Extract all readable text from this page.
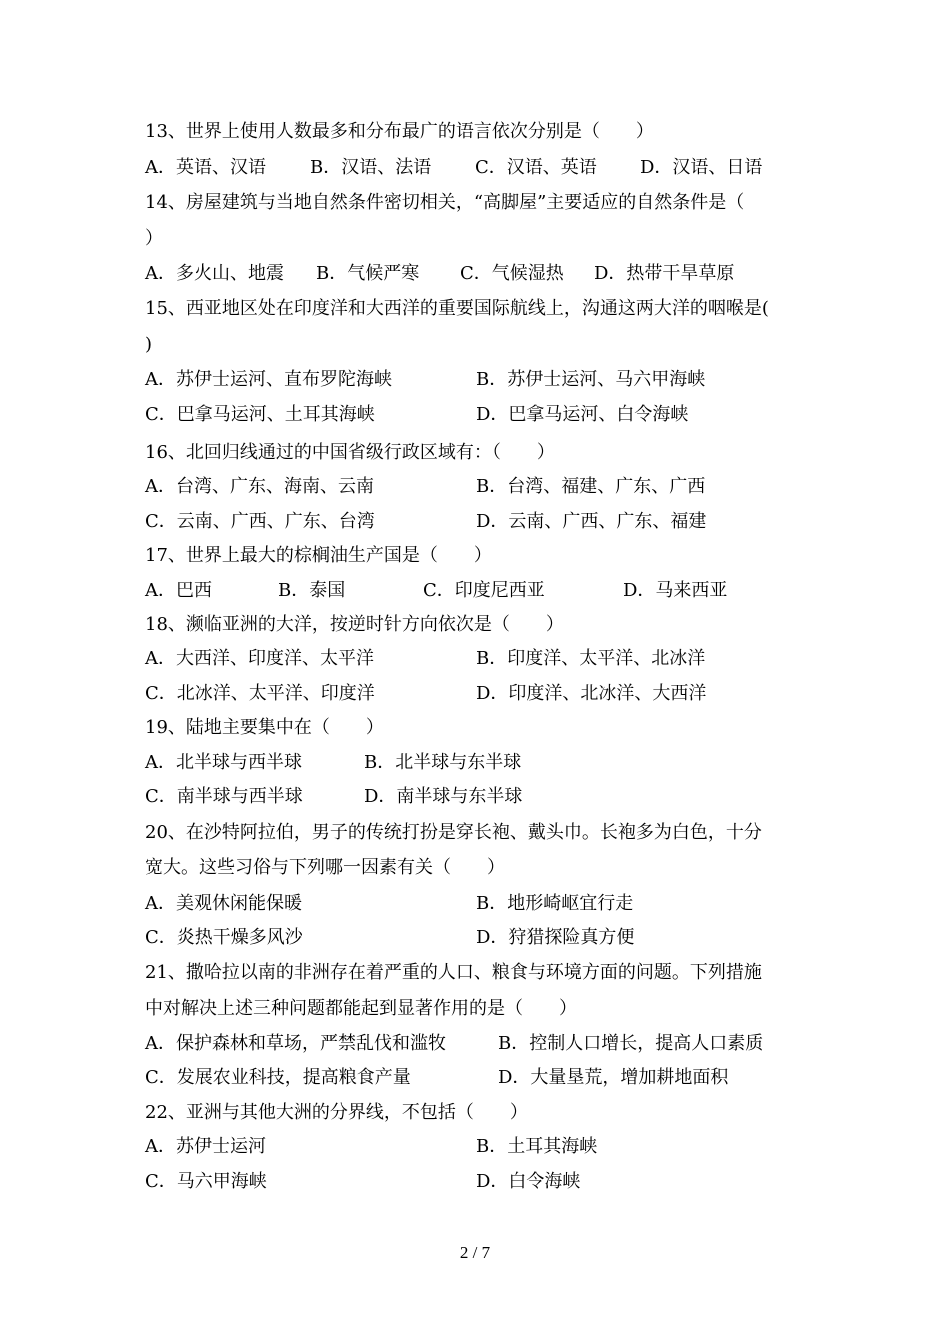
13、世界上使用人数最多和分布最广的语言依次分别是（　　）
A．英语、汉语 B．汉语、法语 C．汉语、英语 D．汉语、日语
14、房屋建筑与当地自然条件密切相关，“高脚屋”主要适应的自然条件是（
）
A．多火山、地震 B．气候严寒 C．气候湿热 D．热带干旱草原
15、西亚地区处在印度洋和大西洋的重要国际航线上，沟通这两大洋的咽喉是(
)
A．苏伊士运河、直布罗陀海峡	B．苏伊士运河、马六甲海峡
C．巴拿马运河、土耳其海峡	D．巴拿马运河、白令海峡
16、北回归线通过的中国省级行政区域有：（　　）
A．台湾、广东、海南、云南	B．台湾、福建、广东、广西
C．云南、广西、广东、台湾	D．云南、广西、广东、福建
17、世界上最大的棕榈油生产国是（　　）
A．巴西	B．泰国	C．印度尼西亚	D．马来西亚
18、濒临亚洲的大洋，按逆时针方向依次是（　　）
A．大西洋、印度洋、太平洋	B．印度洋、太平洋、北冰洋
C．北冰洋、太平洋、印度洋	D．印度洋、北冰洋、大西洋
19、陆地主要集中在（　　）
A．北半球与西半球	B．北半球与东半球
C．南半球与西半球	D．南半球与东半球
20、在沙特阿拉伯，男子的传统打扮是穿长袍、戴头巾。长袍多为白色，十分
宽大。这些习俗与下列哪一因素有关（　　）
A．美观休闲能保暖	B．地形崎岖宜行走
C．炎热干燥多风沙	D．狩猎探险真方便
21、撒哈拉以南的非洲存在着严重的人口、粮食与环境方面的问题。下列措施
中对解决上述三种问题都能起到显著作用的是（　　）
A．保护森林和草场，严禁乱伐和滥牧	B．控制人口增长，提高人口素质
C．发展农业科技，提高粮食产量	D．大量垦荒，增加耕地面积
22、亚洲与其他大洲的分界线，不包括（　　）
A．苏伊士运河	B．土耳其海峡
C．马六甲海峡	D．白令海峡
2 / 7
